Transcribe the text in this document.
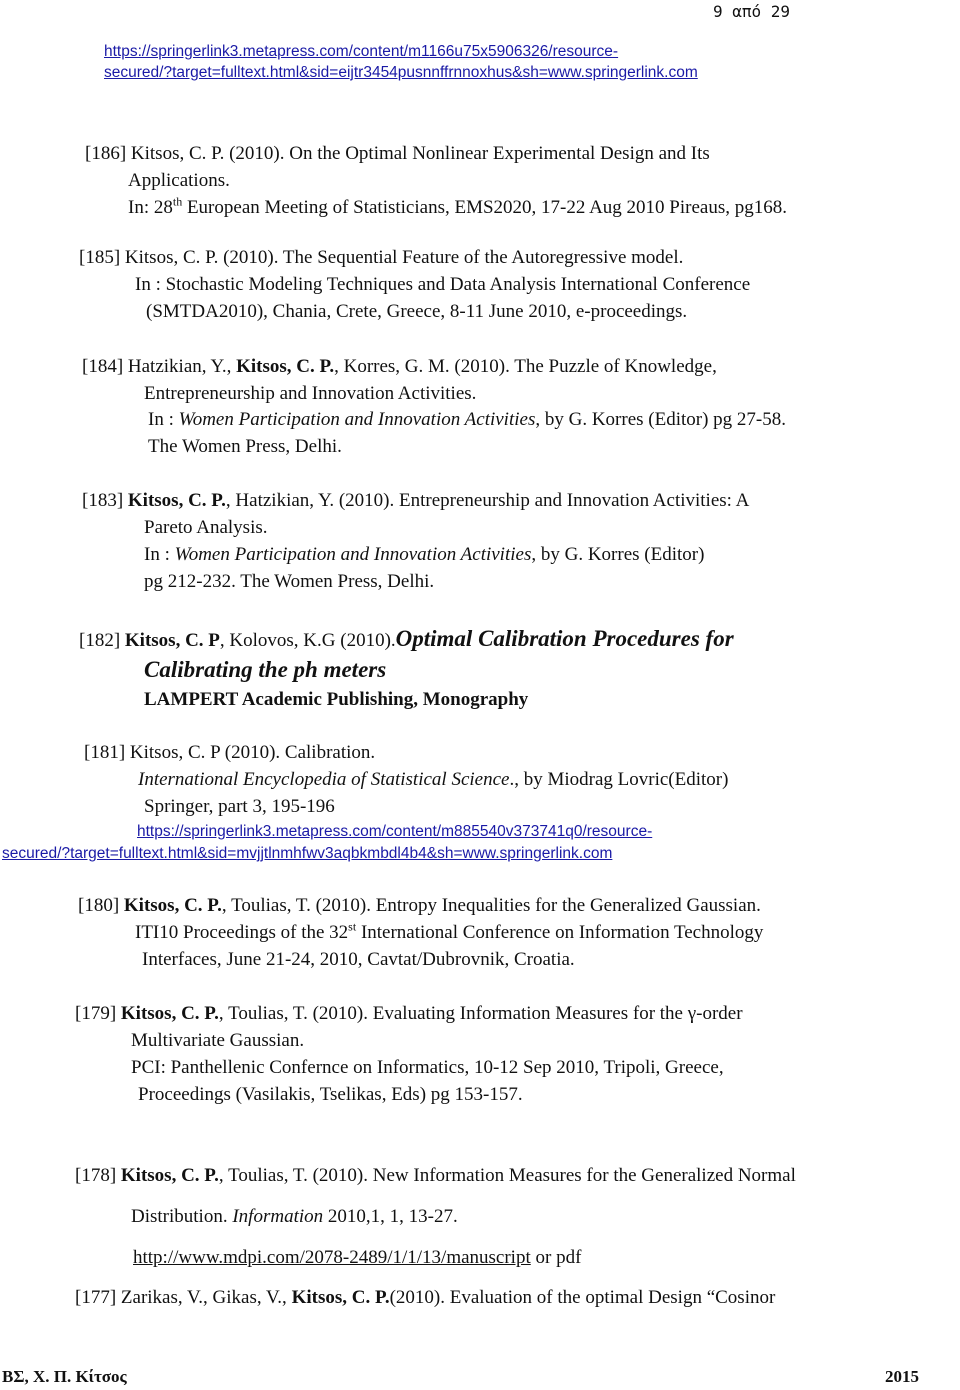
9 από 29
https://springerlink3.metapress.com/content/m1166u75x5906326/resource-
secured/?target=fulltext.html&sid=eijtr3454pusnnffrnnoxhus&sh=www.springerlink.com
[186] Kitsos, C. P. (2010). On the Optimal Nonlinear Experimental Design and Its
Applications.
In: 28th European Meeting of Statisticians, EMS2020, 17-22 Aug 2010 Pireaus, pg168.
[185] Kitsos, C. P. (2010). The Sequential Feature of the Autoregressive model.
In : Stochastic Modeling Techniques and Data Analysis International Conference
(SMTDA2010), Chania, Crete, Greece, 8-11 June 2010, e-proceedings.
[184] Hatzikian, Y., Kitsos, C. P., Korres, G. M. (2010). The Puzzle of Knowledge,
Entrepreneurship and Innovation Activities.
In : Women Participation and Innovation Activities, by G. Korres (Editor) pg 27-58.
The Women Press, Delhi.
[183] Kitsos, C. P., Hatzikian, Y. (2010). Entrepreneurship and Innovation Activities: A
Pareto Analysis.
In : Women Participation and Innovation Activities, by G. Korres (Editor)
pg 212-232. The Women Press, Delhi.
[182] Kitsos, C. P, Kolovos, K.G (2010).Optimal Calibration Procedures for
Calibrating the ph meters
LAMPERT Academic Publishing, Monography
[181] Kitsos, C. P (2010). Calibration.
International Encyclopedia of Statistical Science., by Miodrag Lovric(Editor)
Springer, part 3, 195-196
https://springerlink3.metapress.com/content/m885540v373741q0/resource-
secured/?target=fulltext.html&sid=mvjjtlnmhfwv3aqbkmbdl4b4&sh=www.springerlink.com
[180] Kitsos, C. P., Toulias, T. (2010). Entropy Inequalities for the Generalized Gaussian.
ITI10 Proceedings of the 32st International Conference on Information Technology
Interfaces, June 21-24, 2010, Cavtat/Dubrovnik, Croatia.
[179] Kitsos, C. P., Toulias, T. (2010). Evaluating Information Measures for the γ-order
Multivariate Gaussian.
PCI: Panthellenic Confernce on Informatics, 10-12 Sep 2010, Tripoli, Greece,
Proceedings (Vasilakis, Tselikas, Eds) pg 153-157.
[178] Kitsos, C. P., Toulias, T. (2010). New Information Measures for the Generalized Normal
Distribution. Information 2010,1, 1, 13-27.
http://www.mdpi.com/2078-2489/1/1/13/manuscript or pdf
[177] Zarikas, V., Gikas, V., Kitsos, C. P.(2010). Evaluation of the optimal Design “Cosinor
ΒΣ, Χ. Π. Κίτσος	2015
